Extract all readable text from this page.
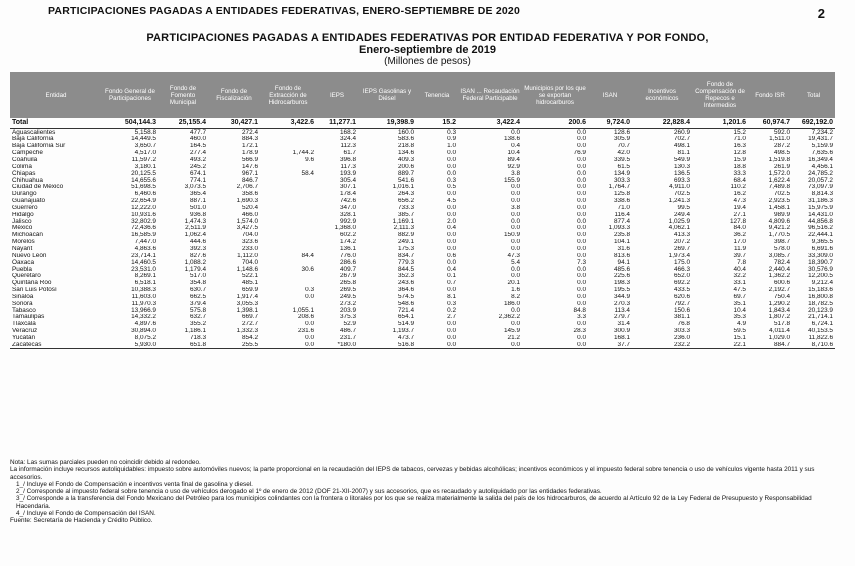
PARTICIPACIONES PAGADAS A ENTIDADES FEDERATIVAS, ENERO-SEPTIEMBRE DE 2020	2
PARTICIPACIONES PAGADAS A ENTIDADES FEDERATIVAS POR ENTIDAD FEDERATIVA Y POR FONDO,
Enero-septiembre de 2019
(Millones de pesos)
Entidad	Fondo General de Participaciones	Fondo de Fomento Municipal	Fondo de Fiscalización	Fondo de Extracción de Hidrocarburos	IEPS	IEPS Gasolinas y Diésel	Tenencia	ISAN ... Recaudación Federal Participable	Municipios por los que se exportan hidrocarburos	ISAN	Incentivos económicos	Fondo de Compensación de Repecos e Intermedios	Fondo ISR	Total
Total	504,144.3	25,155.4	30,427.1	3,422.6	11,277.1	19,398.9	15.2	3,422.4	200.6	9,724.0	22,828.4	1,201.6	60,974.7	692,192.0
Aguascalientes	5,158.8	477.7	272.4		168.2	160.0	0.3	0.0	0.0	128.6	260.9	15.2	592.0	7,234.2
Baja California	14,449.5	460.0	884.3		324.4	583.6	0.9	138.6	0.0	305.9	702.7	71.0	1,511.0	19,431.7
Baja California Sur	3,650.7	164.5	172.1		112.3	218.8	1.0	0.4	0.0	70.7	498.1	16.3	287.2	5,159.9
Campeche	4,517.0	277.4	178.9	1,744.2	61.7	134.6	0.0	10.4	76.9	42.0	81.1	12.8	498.5	7,635.6
Coahuila	11,597.2	493.2	566.9	9.6	396.8	409.3	0.0	89.4	0.0	339.5	549.9	15.9	1,519.8	16,349.4
Colima	3,180.1	245.2	147.6		117.3	200.6	0.0	92.9	0.0	61.5	130.3	18.8	261.9	4,456.1
Chiapas	20,125.5	674.1	967.1	58.4	193.9	889.7	0.0	3.8	0.0	134.9	136.5	33.3	1,572.0	24,785.2
Chihuahua	14,655.6	774.1	846.7		305.4	541.6	0.3	155.9	0.0	303.3	693.3	68.4	1,622.4	20,057.2
Ciudad de México	51,698.5	3,073.5	2,706.7		307.1	1,016.1	0.5	0.0	0.0	1,764.7	4,911.0	110.2	7,489.8	73,097.9
Durango	6,460.6	365.4	358.6		178.4	264.3	0.0	0.0	0.0	125.8	702.5	16.2	702.5	8,814.3
Guanajuato	22,654.9	887.1	1,690.3		742.6	656.2	4.5	0.0	0.0	338.6	1,241.3	47.3	2,923.5	31,186.3
Guerrero	12,222.0	501.0	520.4		347.0	733.3	0.0	3.8	0.0	71.0	99.5	19.4	1,458.1	15,975.9
Hidalgo	10,931.6	936.8	466.0		328.1	385.7	0.0	0.0	0.0	116.4	249.4	27.1	989.9	14,431.0
Jalisco	32,802.9	1,474.3	1,574.0		992.9	1,169.1	2.0	0.0	0.0	877.4	1,025.9	127.8	4,809.6	44,856.8
México	72,436.6	2,511.9	3,427.5		1,368.0	2,111.3	0.4	0.0	0.0	1,093.3	4,062.1	84.0	9,421.2	96,516.2
Michoacán	16,585.9	1,062.4	704.0		602.2	882.9	0.0	150.9	0.0	235.8	413.3	36.2	1,770.5	22,444.1
Morelos	7,447.0	444.6	323.6		174.2	249.1	0.0	0.0	0.0	104.1	207.2	17.0	398.7	9,365.5
Nayarit	4,863.6	392.3	233.0		136.1	175.3	0.0	0.0	0.0	31.6	269.7	11.9	578.0	6,691.6
Nuevo León	23,714.1	827.6	1,112.0	84.4	776.0	834.7	0.6	47.3	0.0	813.6	1,973.4	39.7	3,085.7	33,309.0
Oaxaca	14,460.5	1,088.2	704.0		286.6	779.3	0.0	5.4	7.3	94.1	175.0	7.8	782.4	18,390.7
Puebla	23,531.0	1,179.4	1,148.6	30.6	409.7	844.5	0.4	0.0	0.0	485.6	466.3	40.4	2,440.4	30,576.9
Querétaro	8,269.1	517.0	522.1		267.9	352.3	0.1	0.0	0.0	225.6	652.0	32.2	1,362.2	12,200.5
Quintana Roo	6,518.1	354.8	485.1		265.8	243.6	0.7	20.1	0.0	198.3	692.2	33.1	600.6	9,212.4
San Luis Potosí	10,388.3	630.7	659.9	0.3	269.5	364.6	0.0	1.6	0.0	195.5	433.5	47.5	2,192.7	15,183.6
Sinaloa	11,603.0	662.5	1,917.4	0.0	249.5	574.5	8.1	8.2	0.0	344.9	620.6	69.7	750.4	16,800.8
Sonora	11,970.3	379.4	3,055.3		273.2	548.6	0.3	186.0	0.0	270.3	792.7	35.1	1,290.2	18,782.5
Tabasco	13,966.9	575.8	1,398.1	1,055.1	203.9	721.4	0.2	0.0	84.8	113.4	150.6	10.4	1,843.4	20,123.9
Tamaulipas	14,332.2	632.7	669.7	208.6	375.3	654.1	2.7	2,362.2	3.3	279.7	381.1	35.3	1,807.2	21,714.1
Tlaxcala	4,897.6	355.2	272.7	0.0	52.9	514.9	0.0	0.0	0.0	31.4	76.8	4.9	517.8	6,724.1
Veracruz	30,894.0	1,186.1	1,332.3	231.6	486.7	1,193.7	0.0	145.9	28.3	300.9	303.3	59.5	4,011.4	40,153.5
Yucatán	8,075.2	718.3	854.2	0.0	231.7	473.7	0.0	21.2	0.0	168.1	236.0	15.1	1,029.0	11,822.6
Zacatecas	5,930.0	651.8	255.5	0.0	*180.0	516.8	0.0	0.0	0.0	37.7	232.2	22.1	884.7	8,710.6
Nota: Las sumas parciales pueden no coincidir debido al redondeo.
La información incluye recursos autoliquidables: impuesto sobre automóviles nuevos; la parte proporcional en la recaudación del IEPS de tabacos, cervezas y bebidas alcohólicas; incentivos económicos y el impuesto federal sobre tenencia o uso de vehículos vigente hasta 2011 y sus accesorios.
1_/ Incluye el Fondo de Compensación e incentivos venta final de gasolina y diesel.
2_/ Corresponde al impuesto federal sobre tenencia o uso de vehículos derogado el 1º de enero de 2012 (DOF 21-XII-2007) y sus accesorios, que es recaudado y autoliquidado por las entidades federativas.
3_/ Corresponde a la transferencia del Fondo Mexicano del Petróleo para los municipios colindantes con la frontera o litorales por los que se realiza materialmente la salida del país de los hidrocarburos, de acuerdo al Artículo 92 de la Ley Federal de Presupuesto y Responsabilidad Hacendaria.
4_/ Incluye el Fondo de Compensación del ISAN.
Fuente: Secretaría de Hacienda y Crédito Público.
